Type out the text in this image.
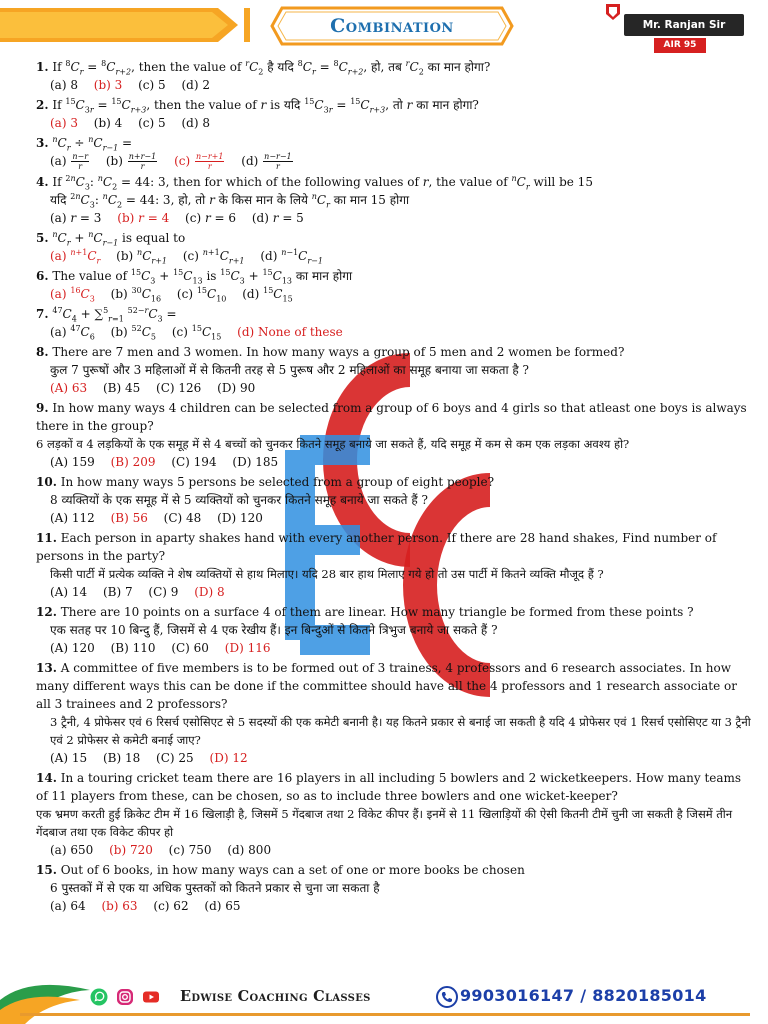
Combination	Mr. Ranjan Sir
AIR 95
1. If $^8C_r = ^8C_{r+2}$, then the value of $^rC_2$ है यदि $^8C_r = ^8C_{r+2}$, हो, तब $^rC_2$ का मान होगा?
(a) 8 (b) 3 (c) 5 (d) 2
2. If $^{15}C_{3r} = ^{15}C_{r+3}$, then the value of r is यदि $^{15}C_{3r} = ^{15}C_{r+3}$, तो r का मान होगा?
(a) 3 (b) 4 (c) 5 (d) 8
3. $^nC_r \div ^nC_{r-1}$ =
$(a) \frac{n-r}{r} (b) \frac{n+r-1}{r} (c) \frac{n-r+1}{r} (d) \frac{n-r-1}{r}$
4. If $^{2n}C_3$: $^nC_2 = 44$: 3, then for which of the following values of r, the value of $^nC_r$ will be 15
यदि $^{2n}C_3$: $^nC_2 = 44$: 3, हो, तो r के किस मान के लिये $^nC_r$ का मान 15 होगा
(a) r = 3 (b) r = 4 (c) r = 6 (d) r = 5
5. $^nC_r + ^nC_{r-1}$ is equal to
(a) $^{n+1}C_r$ (b) $^nC_{r+1}$ (c) $^{n+1}C_{r+1}$ (d) $^{n-1}C_{r-1}$
6. The value of $^{15}C_3 + ^{15}C_{13}$ is $^{15}C_3 + ^{15}C_{13}$ का मान होगा
(a) $^{16}C_3$ (b) $^{30}C_{16}$ (c) $^{15}C_{10}$ (d) $^{15}C_{15}$
7. $^{47}C_4 + \sum^5_{r=1}$ $^{52-r}C_3$ =
(a) $^{47}C_6$ (b) $^{52}C_5$ (c) $^{15}C_{15}$ (d) None of these
8. There are 7 men and 3 women. In how many ways a group of 5 men and 2 women be formed?
कुल 7 पुरूषों और 3 महिलाओं में से कितनी तरह से 5 पुरूष और 2 महिलाओं का समूह बनाया जा सकता है ?
(A) 63 (B) 45 (C) 126 (D) 90
9. In how many ways 4 children can be selected from a group of 6 boys and 4 girls so that atleast one boys is always there in the group?
6 लड़कों व 4 लड़कियों के एक समूह में से 4 बच्चों को चुनकर कितने समूह बनाये जा सकते हैं, यदि समूह में कम से कम एक लड़का अवश्य हो?
(A) 159 (B) 209 (C) 194 (D) 185
10. In how many ways 5 persons be selected from a group of eight people?
8 व्यक्तियों के एक समूह में से 5 व्यक्तियों को चुनकर कितने समूह बनाये जा सकते हैं ?
(A) 112 (B) 56 (C) 48 (D) 120
11. Each person in aparty shakes hand with every another person. If there are 28 hand shakes, Find number of persons in the party?
किसी पार्टी में प्रत्येक व्यक्ति ने शेष व्यक्तियों से हाथ मिलाए। यदि 28 बार हाथ मिलाए गये हो तो उस पार्टी में कितने व्यक्ति मौजूद हैं ?
(A) 14 (B) 7 (C) 9 (D) 8
12. There are 10 points on a surface 4 of them are linear. How many triangle be formed from these points ?
एक सतह पर 10 बिन्दु हैं, जिसमें से 4 एक रेखीय हैं। इन बिन्दुओं से कितने त्रिभुज बनाये जा सकते हैं ?
(A) 120 (B) 110 (C) 60 (D) 116
13. A committee of five members is to be formed out of 3 trainess, 4 professors and 6 research associates. In how many different ways this can be done if the committee should have all the 4 professors and 1 research associate or all 3 trainees and 2 professors?
3 ट्रैनी, 4 प्रोफेसर एवं 6 रिसर्च एसोसिएट से 5 सदस्यों की एक कमेटी बनानी है। यह कितने प्रकार से बनाई जा सकती है यदि 4 प्रोफेसर एवं 1 रिसर्च एसोसिएट या 3 ट्रैनी एवं 2 प्रोफेसर से कमेटी बनाई जाए?
(A) 15 (B) 18 (C) 25 (D) 12
14. In a touring cricket team there are 16 players in all including 5 bowlers and 2 wicketkeepers. How many teams of 11 players from these, can be chosen, so as to include three bowlers and one wicket-keeper?
एक भ्रमण करती हुई क्रिकेट टीम में 16 खिलाड़ी है, जिसमें 5 गेंदबाज तथा 2 विकेट कीपर हैं। इनमें से 11 खिलाड़ियों की ऐसी कितनी टीमें चुनी जा सकती है जिसमें तीन गेंदबाज तथा एक विकेट कीपर हो
(a) 650 (b) 720 (c) 750 (d) 800
15. Out of 6 books, in how many ways can a set of one or more books be chosen
6 पुस्तकों में से एक या अधिक पुस्तकों को कितने प्रकार से चुना जा सकता है
(a) 64 (b) 63 (c) 62 (d) 65
Edwise Coaching Classes	9903016147 / 8820185014
